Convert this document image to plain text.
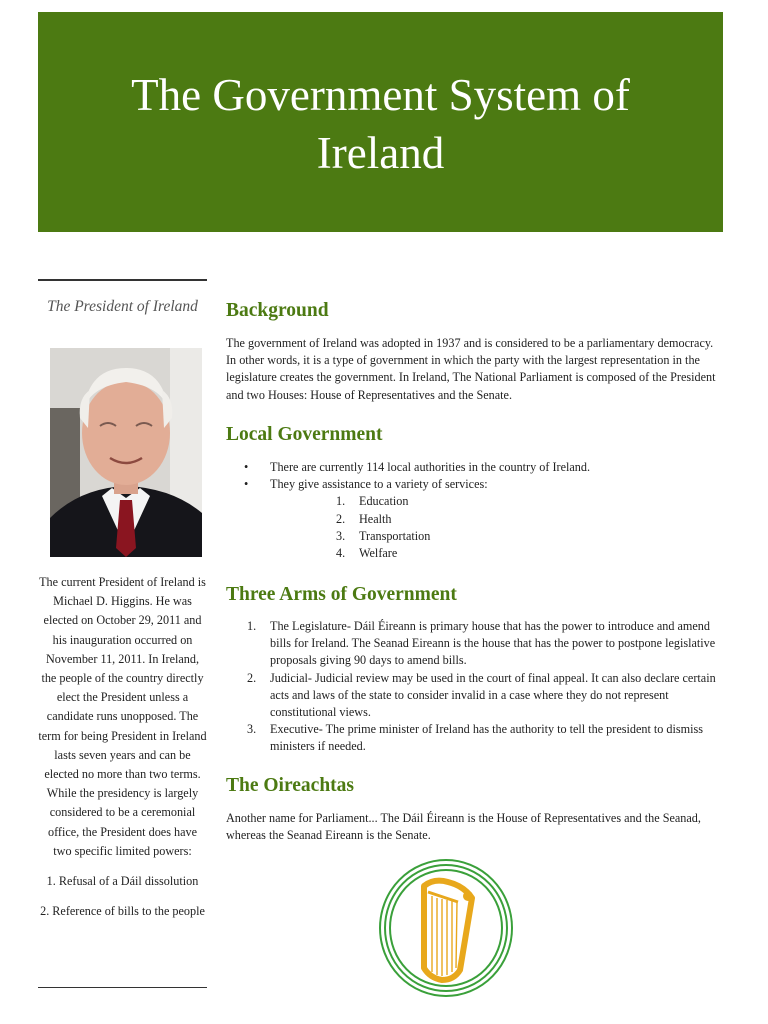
The Government System of Ireland
The President of Ireland

The current President of Ireland is Michael D. Higgins. He was elected on October 29, 2011 and his inauguration occurred on November 11, 2011. In Ireland, the people of the country directly elect the President unless a candidate runs unopposed. The term for being President in Ireland lasts seven years and can be elected no more than two terms. While the presidency is largely considered to be a ceremonial office, the President does have two specific limited powers:

1. Refusal of a Dáil dissolution

2. Reference of bills to the people

Background

The government of Ireland was adopted in 1937 and is considered to be a parliamentary democracy. In other words, it is a type of government in which the party with the largest representation in the legislature creates the government. In Ireland, The National Parliament is composed of the President and two Houses: House of Representatives and the Senate.

Local Government
• There are currently 114 local authorities in the country of Ireland.
• They give assistance to a variety of services:
1. Education
2. Health
3. Transportation
4. Welfare
Three Arms of Government
1. The Legislature- Dáil Éireann is primary house that has the power to introduce and amend bills for Ireland. The Seanad Eireann is the house that has the power to postpone legislative proposals giving 90 days to amend bills.
2. Judicial- Judicial review may be used in the court of final appeal. It can also declare certain acts and laws of the state to consider invalid in a case where they do not represent constitutional views.
3. Executive- The prime minister of Ireland has the authority to tell the president to dismiss ministers if needed.
The Oireachtas

Another name for Parliament... The Dáil Éireann is the House of Representatives and the Seanad, whereas the Seanad Eireann is the Senate.
